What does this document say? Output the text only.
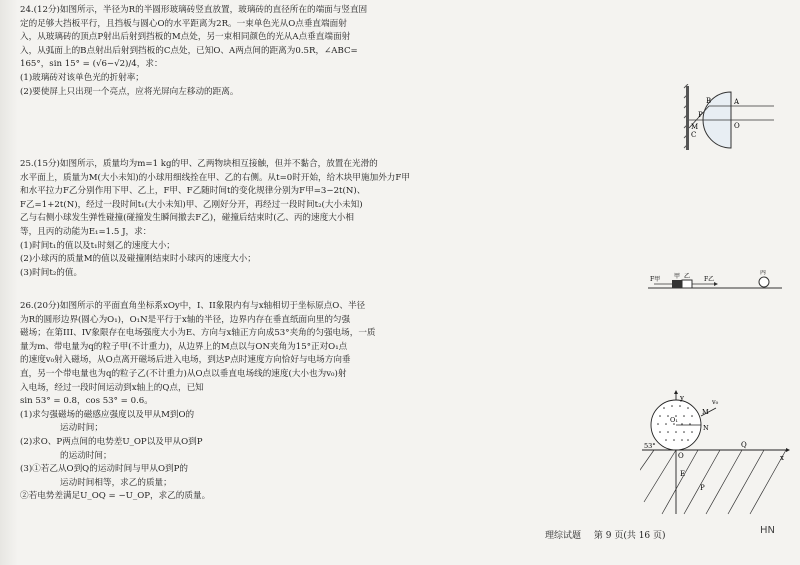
24.(12分)如图所示，半径为R的半圆形玻璃砖竖直放置，玻璃砖的直径所在的端面与竖直固

定的足够大挡板平行，且挡板与圆心O的水平距离为2R。一束单色光从O点垂直端面射

入，从玻璃砖的顶点P射出后射到挡板的M点处，另一束相同颜色的光从A点垂直端面射

入，从弧面上的B点射出后射到挡板的C点处，已知O、A两点间的距离为0.5R，∠ABC=

165°，sin 15° = (√6−√2)/4，求：

(1)玻璃砖对该单色光的折射率；

(2)要使屏上只出现一个亮点，应将光屏向左移动的距离。

P
B	A
O
M
C

25.(15分)如图所示，质量均为m=1 kg的甲、乙两物块相互接触，但并不黏合，放置在光滑的

水平面上，质量为M(大小未知)的小球用细线拴在甲、乙的右侧。从t=0时开始，给木块甲施加外力F甲

和水平拉力F乙分别作用下甲、乙上，F甲、F乙随时间t的变化规律分别为F甲=3−2t(N)、

F乙=1+2t(N)，经过一段时间t₁(大小未知)甲、乙刚好分开，再经过一段时间t₂(大小未知)

乙与右侧小球发生弹性碰撞(碰撞发生瞬间撤去F乙)，碰撞后结束时(乙、丙的速度大小相

等，且丙的动能为E₁=1.5 J，求：

(1)时间t₁的值以及t₁时刻乙的速度大小；

(2)小球丙的质量M的值以及碰撞刚结束时小球丙的速度大小；

(3)时间t₂的值。	甲 乙
F甲	F乙
丙

26.(20分)如图所示的平面直角坐标系xOy中，I、II象限内有与x轴相切于坐标原点O、半径

为R的圆形边界(圆心为O₁)，O₁N是平行于x轴的半径，边界内存在垂直纸面向里的匀强

磁场；在第III、IV象限存在电场强度大小为E、方向与x轴正方向成53°夹角的匀强电场，一质

量为m、带电量为q的粒子甲(不计重力)，从边界上的M点以与ON夹角为15°正对O₁点

的速度v₀射入磁场，从O点离开磁场后进入电场，到达P点时速度方向恰好与电场方向垂

直，另一个带电量也为q的粒子乙(不计重力)从O点以垂直电场线的速度(大小也为v₀)射

入电场，经过一段时间运动到x轴上的Q点，已知

sin 53° = 0.8，cos 53° = 0.6。

(1)求匀强磁场的磁感应强度以及甲从M到O的

运动时间；

(2)求O、P两点间的电势差U_OP以及甲从O到P

的运动时间；

(3)①若乙从O到Q的运动时间与甲从O到P的

运动时间相等，求乙的质量；

②若电势差满足U_OQ = −U_OP，求乙的质量。

O
Q
P
E
53°
y
x
N
M
O₁
v₀
理综试题 第 9 页(共 16 页)	HN
